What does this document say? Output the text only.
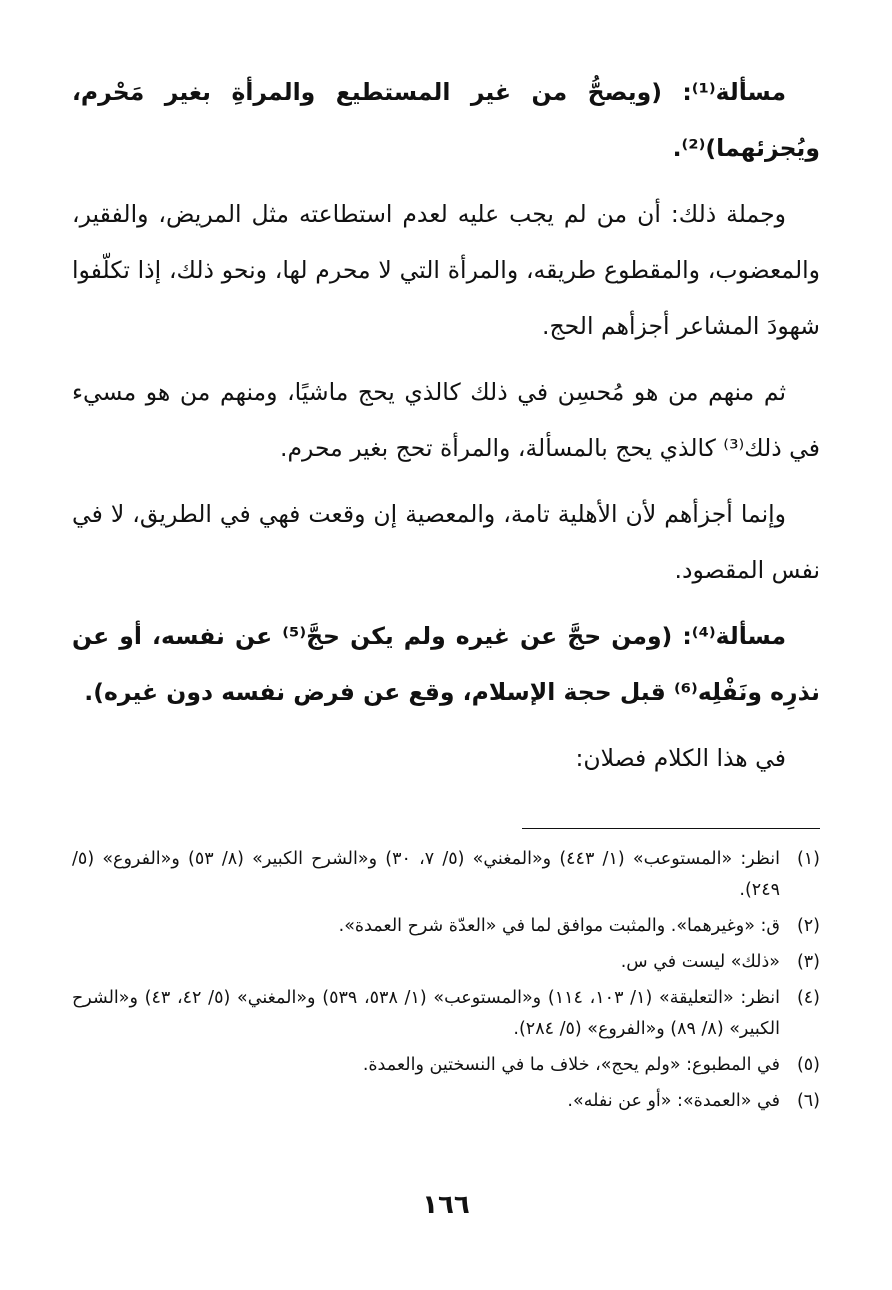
مسألة⁽¹⁾: (ويصحُّ من غير المستطيع والمرأةِ بغير مَحْرم، ويُجزئهما)⁽²⁾.

وجملة ذلك: أن من لم يجب عليه لعدم استطاعته مثل المريض، والفقير، والمعضوب، والمقطوع طريقه، والمرأة التي لا محرم لها، ونحو ذلك، إذا تكلّفوا شهودَ المشاعر أجزأهم الحج.

ثم منهم من هو مُحسِن في ذلك كالذي يحج ماشيًا، ومنهم من هو مسيء في ذلك⁽³⁾ كالذي يحج بالمسألة، والمرأة تحج بغير محرم.

وإنما أجزأهم لأن الأهلية تامة، والمعصية إن وقعت فهي في الطريق، لا في نفس المقصود.

مسألة⁽⁴⁾: (ومن حجَّ عن غيره ولم يكن حجَّ⁽⁵⁾ عن نفسه، أو عن نذرِه ونَفْلِه⁽⁶⁾ قبل حجة الإسلام، وقع عن فرض نفسه دون غيره).

في هذا الكلام فصلان:

(١)
انظر: «المستوعب» (١/ ٤٤٣) و«المغني» (٥/ ٧، ٣٠) و«الشرح الكبير» (٨/ ٥٣) و«الفروع» (٥/ ٢٤٩).
(٢)
ق: «وغيرهما». والمثبت موافق لما في «العدّة شرح العمدة».
(٣)
«ذلك» ليست في س.
(٤)
انظر: «التعليقة» (١/ ١٠٣، ١١٤) و«المستوعب» (١/ ٥٣٨، ٥٣٩) و«المغني» (٥/ ٤٢، ٤٣) و«الشرح الكبير» (٨/ ٨٩) و«الفروع» (٥/ ٢٨٤).
(٥)
في المطبوع: «ولم يحج»، خلاف ما في النسختين والعمدة.
(٦)
في «العمدة»: «أو عن نفله».
١٦٦
